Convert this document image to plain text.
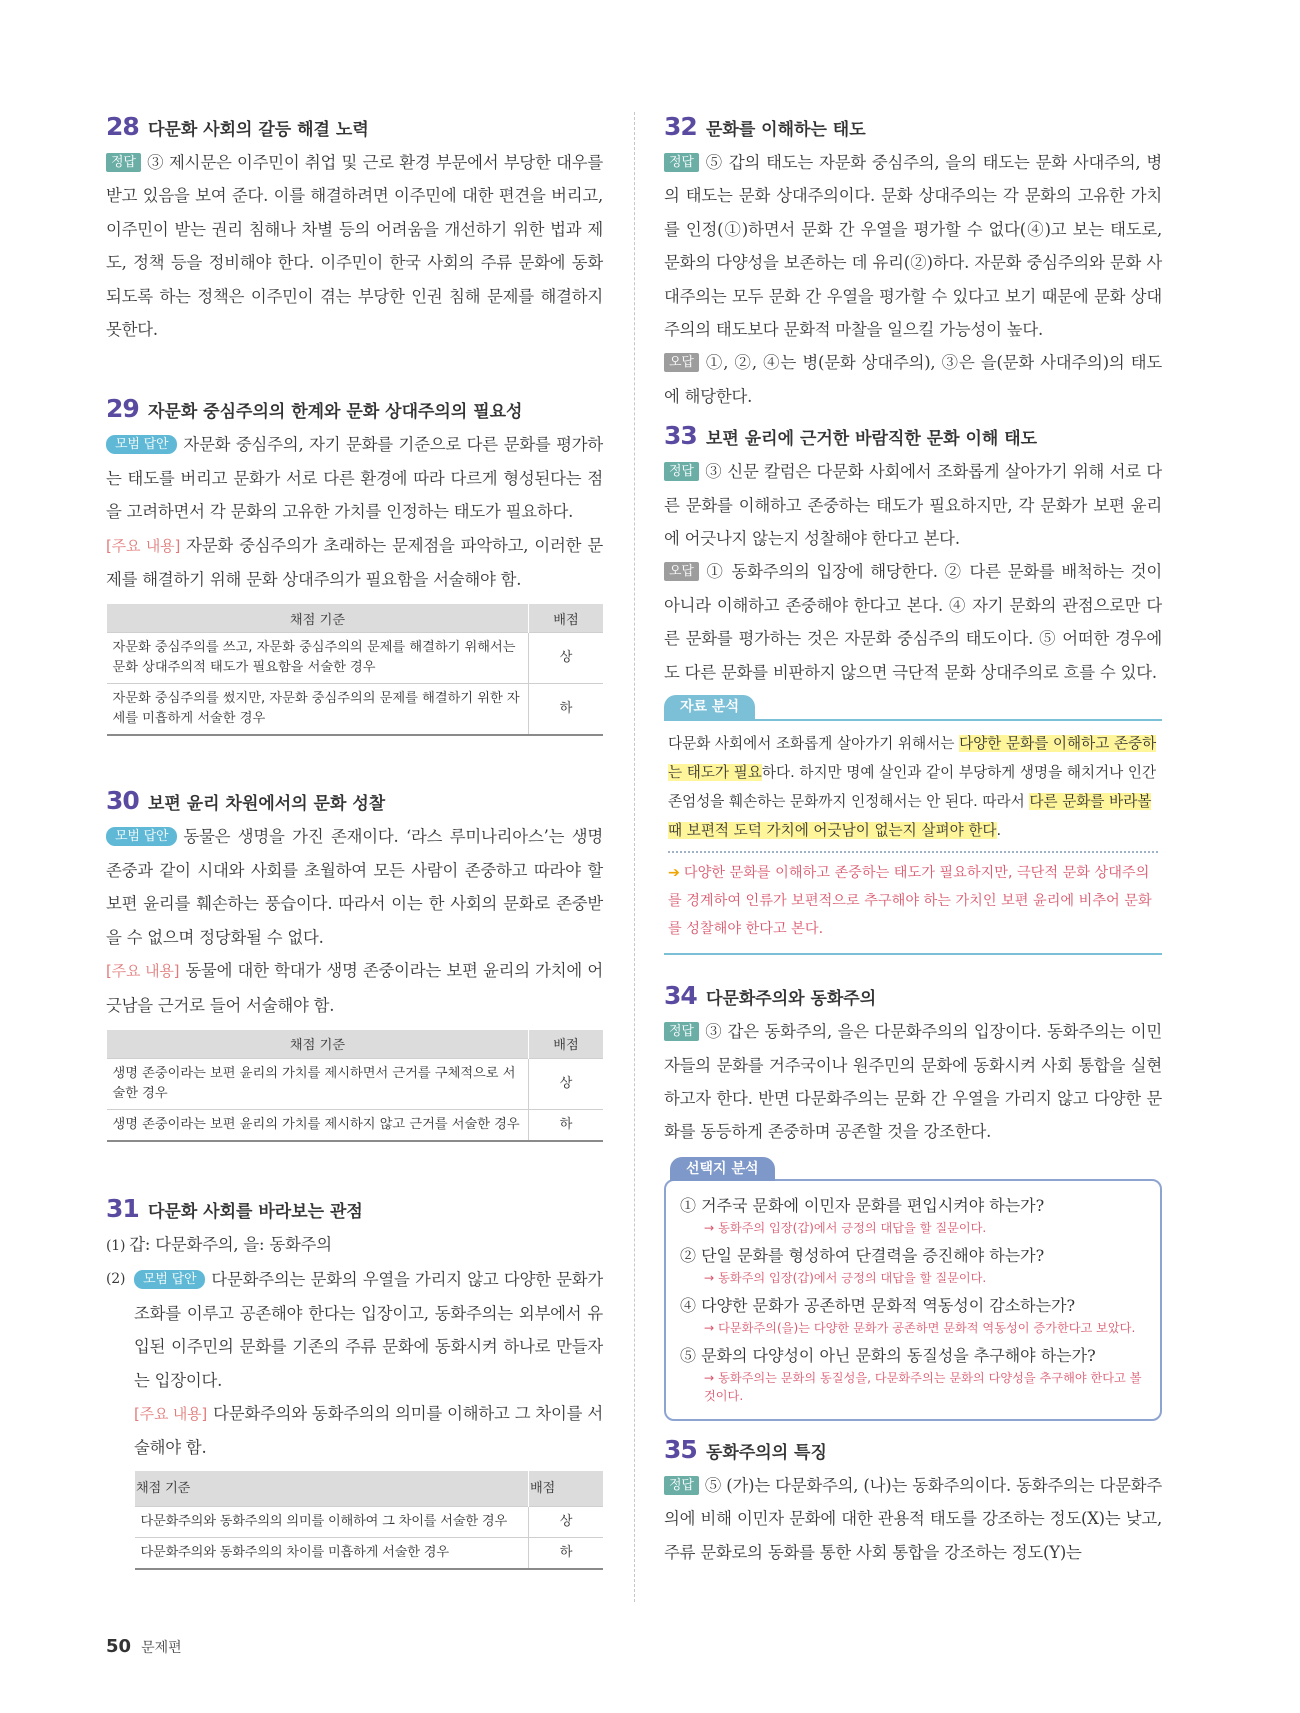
28 다문화 사회의 갈등 해결 노력

정답 ③ 제시문은 이주민이 취업 및 근로 환경 부문에서 부당한 대우를 받고 있음을 보여 준다. 이를 해결하려면 이주민에 대한 편견을 버리고, 이주민이 받는 권리 침해나 차별 등의 어려움을 개선하기 위한 법과 제도, 정책 등을 정비해야 한다. 이주민이 한국 사회의 주류 문화에 동화되도록 하는 정책은 이주민이 겪는 부당한 인권 침해 문제를 해결하지 못한다.

29 자문화 중심주의의 한계와 문화 상대주의의 필요성

모범 답안 자문화 중심주의, 자기 문화를 기준으로 다른 문화를 평가하는 태도를 버리고 문화가 서로 다른 환경에 따라 다르게 형성된다는 점을 고려하면서 각 문화의 고유한 가치를 인정하는 태도가 필요하다.

[주요 내용] 자문화 중심주의가 초래하는 문제점을 파악하고, 이러한 문제를 해결하기 위해 문화 상대주의가 필요함을 서술해야 함.

채점 기준	배점
자문화 중심주의를 쓰고, 자문화 중심주의의 문제를 해결하기 위해서는 문화 상대주의적 태도가 필요함을 서술한 경우	상
자문화 중심주의를 썼지만, 자문화 중심주의의 문제를 해결하기 위한 자세를 미흡하게 서술한 경우	하
30 보편 윤리 차원에서의 문화 성찰

모범 답안 동물은 생명을 가진 존재이다. ‘라스 루미나리아스’는 생명 존중과 같이 시대와 사회를 초월하여 모든 사람이 존중하고 따라야 할 보편 윤리를 훼손하는 풍습이다. 따라서 이는 한 사회의 문화로 존중받을 수 없으며 정당화될 수 없다.

[주요 내용] 동물에 대한 학대가 생명 존중이라는 보편 윤리의 가치에 어긋남을 근거로 들어 서술해야 함.

채점 기준	배점
생명 존중이라는 보편 윤리의 가치를 제시하면서 근거를 구체적으로 서술한 경우	상
생명 존중이라는 보편 윤리의 가치를 제시하지 않고 근거를 서술한 경우	하
31 다문화 사회를 바라보는 관점

(1) 갑: 다문화주의, 을: 동화주의

(2)	모범 답안 다문화주의는 문화의 우열을 가리지 않고 다양한 문화가 조화를 이루고 공존해야 한다는 입장이고, 동화주의는 외부에서 유입된 이주민의 문화를 기존의 주류 문화에 동화시켜 하나로 만들자는 입장이다.

[주요 내용] 다문화주의와 동화주의의 의미를 이해하고 그 차이를 서술해야 함.

채점 기준	배점
다문화주의와 동화주의의 의미를 이해하여 그 차이를 서술한 경우	상
다문화주의와 동화주의의 차이를 미흡하게 서술한 경우	하
32 문화를 이해하는 태도

정답 ⑤ 갑의 태도는 자문화 중심주의, 을의 태도는 문화 사대주의, 병의 태도는 문화 상대주의이다. 문화 상대주의는 각 문화의 고유한 가치를 인정(①)하면서 문화 간 우열을 평가할 수 없다(④)고 보는 태도로, 문화의 다양성을 보존하는 데 유리(②)하다. 자문화 중심주의와 문화 사대주의는 모두 문화 간 우열을 평가할 수 있다고 보기 때문에 문화 상대주의의 태도보다 문화적 마찰을 일으킬 가능성이 높다.

오답 ①, ②, ④는 병(문화 상대주의), ③은 을(문화 사대주의)의 태도에 해당한다.

33 보편 윤리에 근거한 바람직한 문화 이해 태도

정답 ③ 신문 칼럼은 다문화 사회에서 조화롭게 살아가기 위해 서로 다른 문화를 이해하고 존중하는 태도가 필요하지만, 각 문화가 보편 윤리에 어긋나지 않는지 성찰해야 한다고 본다.

오답 ① 동화주의의 입장에 해당한다. ② 다른 문화를 배척하는 것이 아니라 이해하고 존중해야 한다고 본다. ④ 자기 문화의 관점으로만 다른 문화를 평가하는 것은 자문화 중심주의 태도이다. ⑤ 어떠한 경우에도 다른 문화를 비판하지 않으면 극단적 문화 상대주의로 흐를 수 있다.

자료 분석
다문화 사회에서 조화롭게 살아가기 위해서는 다양한 문화를 이해하고 존중하는 태도가 필요하다. 하지만 명예 살인과 같이 부당하게 생명을 해치거나 인간 존엄성을 훼손하는 문화까지 인정해서는 안 된다. 따라서 다른 문화를 바라볼 때 보편적 도덕 가치에 어긋남이 없는지 살펴야 한다.
➔ 다양한 문화를 이해하고 존중하는 태도가 필요하지만, 극단적 문화 상대주의를 경계하여 인류가 보편적으로 추구해야 하는 가치인 보편 윤리에 비추어 문화를 성찰해야 한다고 본다.
34 다문화주의와 동화주의

정답 ③ 갑은 동화주의, 을은 다문화주의의 입장이다. 동화주의는 이민자들의 문화를 거주국이나 원주민의 문화에 동화시켜 사회 통합을 실현하고자 한다. 반면 다문화주의는 문화 간 우열을 가리지 않고 다양한 문화를 동등하게 존중하며 공존할 것을 강조한다.

선택지 분석
① 거주국 문화에 이민자 문화를 편입시켜야 하는가?
→ 동화주의 입장(갑)에서 긍정의 대답을 할 질문이다.
② 단일 문화를 형성하여 단결력을 증진해야 하는가?
→ 동화주의 입장(갑)에서 긍정의 대답을 할 질문이다.
④ 다양한 문화가 공존하면 문화적 역동성이 감소하는가?
→ 다문화주의(을)는 다양한 문화가 공존하면 문화적 역동성이 증가한다고 보았다.
⑤ 문화의 다양성이 아닌 문화의 동질성을 추구해야 하는가?
→ 동화주의는 문화의 동질성을, 다문화주의는 문화의 다양성을 추구해야 한다고 볼 것이다.
35 동화주의의 특징

정답 ⑤ (가)는 다문화주의, (나)는 동화주의이다. 동화주의는 다문화주의에 비해 이민자 문화에 대한 관용적 태도를 강조하는 정도(X)는 낮고, 주류 문화로의 동화를 통한 사회 통합을 강조하는 정도(Y)는

50 문제편
